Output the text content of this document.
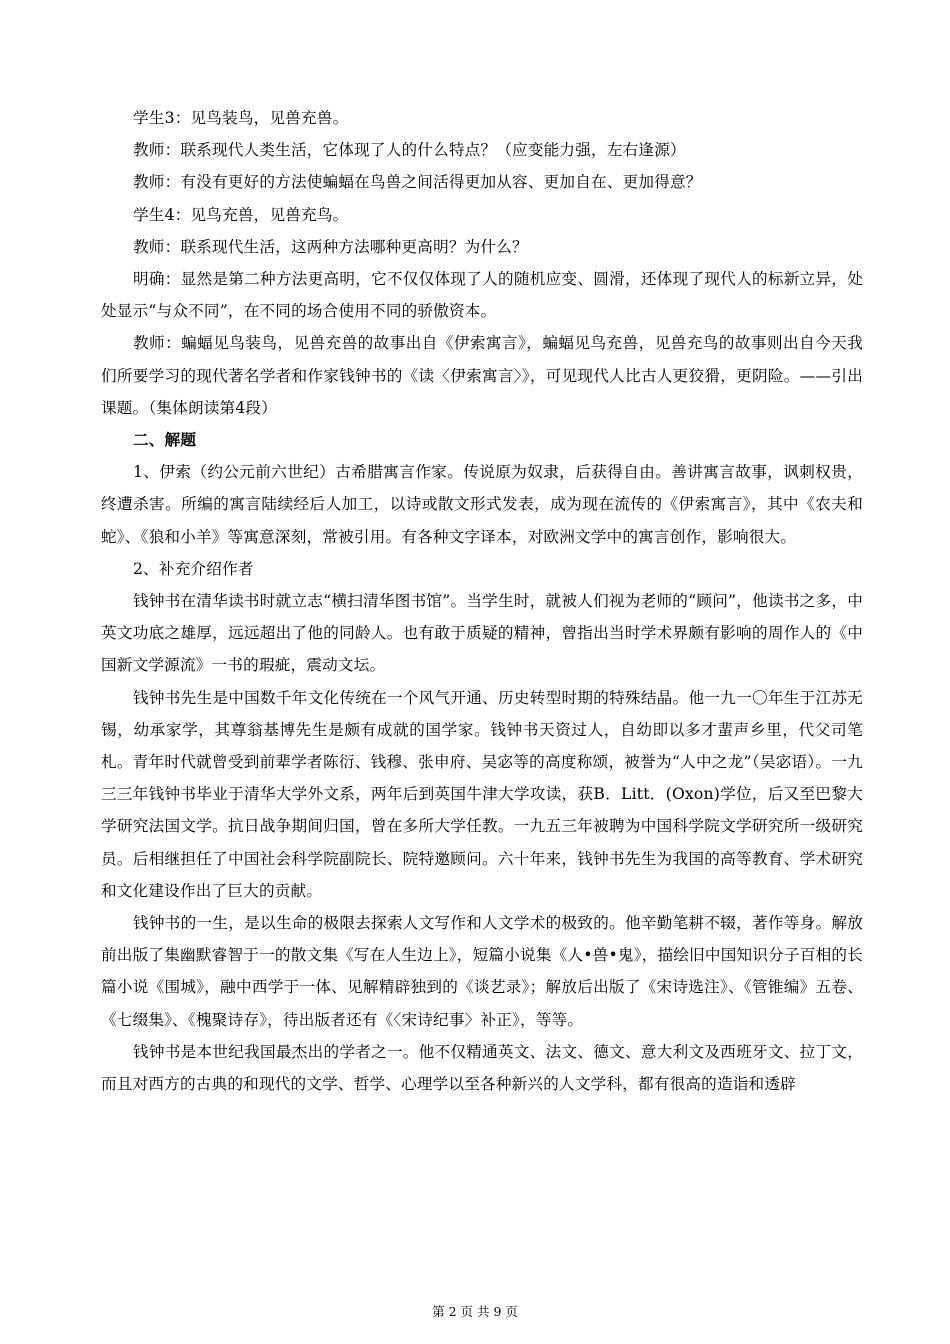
学生3：见鸟装鸟，见兽充兽。

教师：联系现代人类生活，它体现了人的什么特点？（应变能力强，左右逢源）

教师：有没有更好的方法使蝙蝠在鸟兽之间活得更加从容、更加自在、更加得意？

学生4：见鸟充兽，见兽充鸟。

教师：联系现代生活，这两种方法哪种更高明？为什么？

明确：显然是第二种方法更高明，它不仅仅体现了人的随机应变、圆滑，还体现了现代人的标新立异，处处显示“与众不同”，在不同的场合使用不同的骄傲资本。

教师：蝙蝠见鸟装鸟，见兽充兽的故事出自《伊索寓言》，蝙蝠见鸟充兽，见兽充鸟的故事则出自今天我们所要学习的现代著名学者和作家钱钟书的《读〈伊索寓言〉》，可见现代人比古人更狡猾，更阴险。——引出课题。（集体朗读第4段）

二、解题

1、伊索（约公元前六世纪）古希腊寓言作家。传说原为奴隶，后获得自由。善讲寓言故事，讽刺权贵，终遭杀害。所编的寓言陆续经后人加工，以诗或散文形式发表，成为现在流传的《伊索寓言》，其中《农夫和蛇》、《狼和小羊》等寓意深刻，常被引用。有各种文字译本，对欧洲文学中的寓言创作，影响很大。

2、补充介绍作者

钱钟书在清华读书时就立志“横扫清华图书馆”。当学生时，就被人们视为老师的“顾问”，他读书之多，中英文功底之雄厚，远远超出了他的同龄人。也有敢于质疑的精神，曾指出当时学术界颇有影响的周作人的《中国新文学源流》一书的瑕疵，震动文坛。

钱钟书先生是中国数千年文化传统在一个风气开通、历史转型时期的特殊结晶。他一九一〇年生于江苏无锡，幼承家学，其尊翁基博先生是颇有成就的国学家。钱钟书天资过人，自幼即以多才蜚声乡里，代父司笔札。青年时代就曾受到前辈学者陈衍、钱穆、张申府、吴宓等的高度称颂，被誉为“人中之龙”（吴宓语）。一九三三年钱钟书毕业于清华大学外文系，两年后到英国牛津大学攻读，获B．Litt．(Oxon)学位，后又至巴黎大学研究法国文学。抗日战争期间归国，曾在多所大学任教。一九五三年被聘为中国科学院文学研究所一级研究员。后相继担任了中国社会科学院副院长、院特邀顾问。六十年来，钱钟书先生为我国的高等教育、学术研究和文化建设作出了巨大的贡献。

钱钟书的一生，是以生命的极限去探索人文写作和人文学术的极致的。他辛勤笔耕不辍，著作等身。解放前出版了集幽默睿智于一的散文集《写在人生边上》，短篇小说集《人•兽•鬼》，描绘旧中国知识分子百相的长篇小说《围城》，融中西学于一体、见解精辟独到的《谈艺录》；解放后出版了《宋诗选注》、《管锥编》五卷、《七缀集》、《槐聚诗存》，待出版者还有《〈宋诗纪事〉补正》，等等。

钱钟书是本世纪我国最杰出的学者之一。他不仅精通英文、法文、德文、意大利文及西班牙文、拉丁文，而且对西方的古典的和现代的文学、哲学、心理学以至各种新兴的人文学科，都有很高的造诣和透辟

第 2 页 共 9 页
